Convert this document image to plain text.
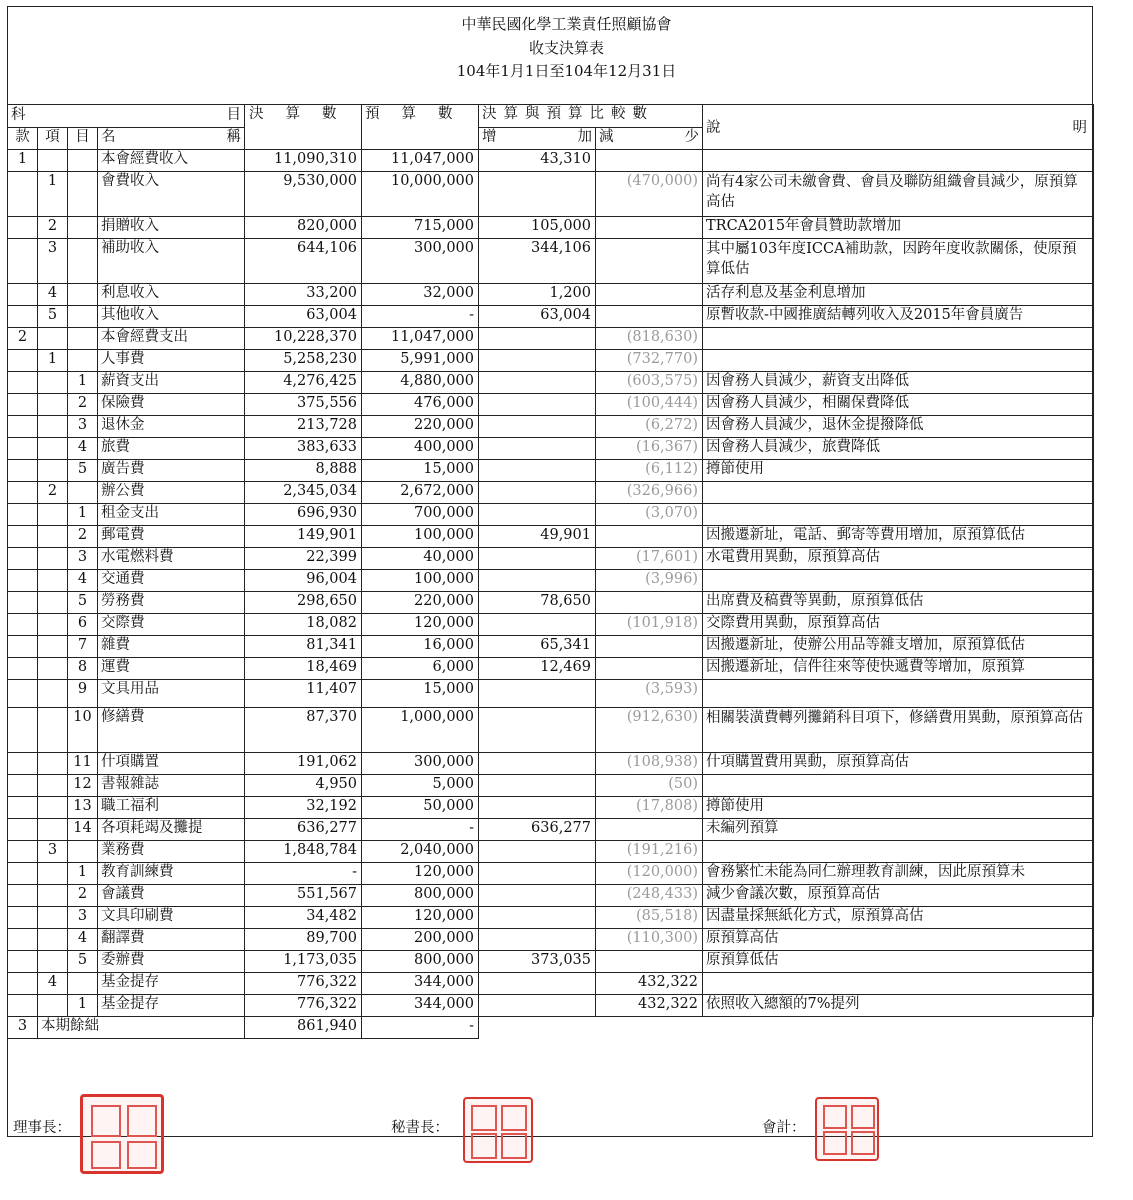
中華民國化學工業責任照顧協會
收支決算表
104年1月1日至104年12月31日
科 目				決算數	預算數	決算與預算比較數		說 明

款	項	目	名 稱			增 加	減 少	

1			本會經費收入	11,090,310	11,047,000	43,310		
	1		會費收入	9,530,000	10,000,000		(470,000)	尚有4家公司未繳會費、會員及聯防組織會員減少，原預算高估
	2		捐贈收入	820,000	715,000	105,000		TRCA2015年會員贊助款增加
	3		補助收入	644,106	300,000	344,106		其中屬103年度ICCA補助款，因跨年度收款關係，使原預算低估
	4		利息收入	33,200	32,000	1,200		活存利息及基金利息增加
	5		其他收入	63,004	-	63,004		原暫收款-中國推廣結轉列收入及2015年會員廣告
2			本會經費支出	10,228,370	11,047,000		(818,630)	
	1		人事費	5,258,230	5,991,000		(732,770)	
		1	薪資支出	4,276,425	4,880,000		(603,575)	因會務人員減少，薪資支出降低
		2	保險費	375,556	476,000		(100,444)	因會務人員減少，相關保費降低
		3	退休金	213,728	220,000		(6,272)	因會務人員減少，退休金提撥降低
		4	旅費	383,633	400,000		(16,367)	因會務人員減少，旅費降低
		5	廣告費	8,888	15,000		(6,112)	撙節使用
	2		辦公費	2,345,034	2,672,000		(326,966)	
		1	租金支出	696,930	700,000		(3,070)	
		2	郵電費	149,901	100,000	49,901		因搬遷新址，電話、郵寄等費用增加，原預算低估
		3	水電燃料費	22,399	40,000		(17,601)	水電費用異動，原預算高估
		4	交通費	96,004	100,000		(3,996)	
		5	勞務費	298,650	220,000	78,650		出席費及稿費等異動，原預算低估
		6	交際費	18,082	120,000		(101,918)	交際費用異動，原預算高估
		7	雜費	81,341	16,000	65,341		因搬遷新址，使辦公用品等雜支增加，原預算低估
		8	運費	18,469	6,000	12,469		因搬遷新址，信件往來等使快遞費等增加，原預算
		9	文具用品	11,407	15,000		(3,593)	
		10	修繕費	87,370	1,000,000		(912,630)	相關裝潢費轉列攤銷科目項下，修繕費用異動，原預算高估
		11	什項購置	191,062	300,000		(108,938)	什項購置費用異動，原預算高估
		12	書報雜誌	4,950	5,000		(50)	
		13	職工福利	32,192	50,000		(17,808)	撙節使用
		14	各項耗竭及攤提	636,277	-	636,277		未編列預算
	3		業務費	1,848,784	2,040,000		(191,216)	
		1	教育訓練費	-	120,000		(120,000)	會務繁忙未能為同仁辦理教育訓練，因此原預算未
		2	會議費	551,567	800,000		(248,433)	減少會議次數，原預算高估
		3	文具印刷費	34,482	120,000		(85,518)	因盡量採無紙化方式，原預算高估
		4	翻譯費	89,700	200,000		(110,300)	原預算高估
		5	委辦費	1,173,035	800,000	373,035		原預算低估
	4		基金提存	776,322	344,000		432,322	
		1	基金提存	776,322	344,000		432,322	依照收入總額的7%提列
3	本期餘絀			861,940	-			
理事長：	秘書長：	會計：
